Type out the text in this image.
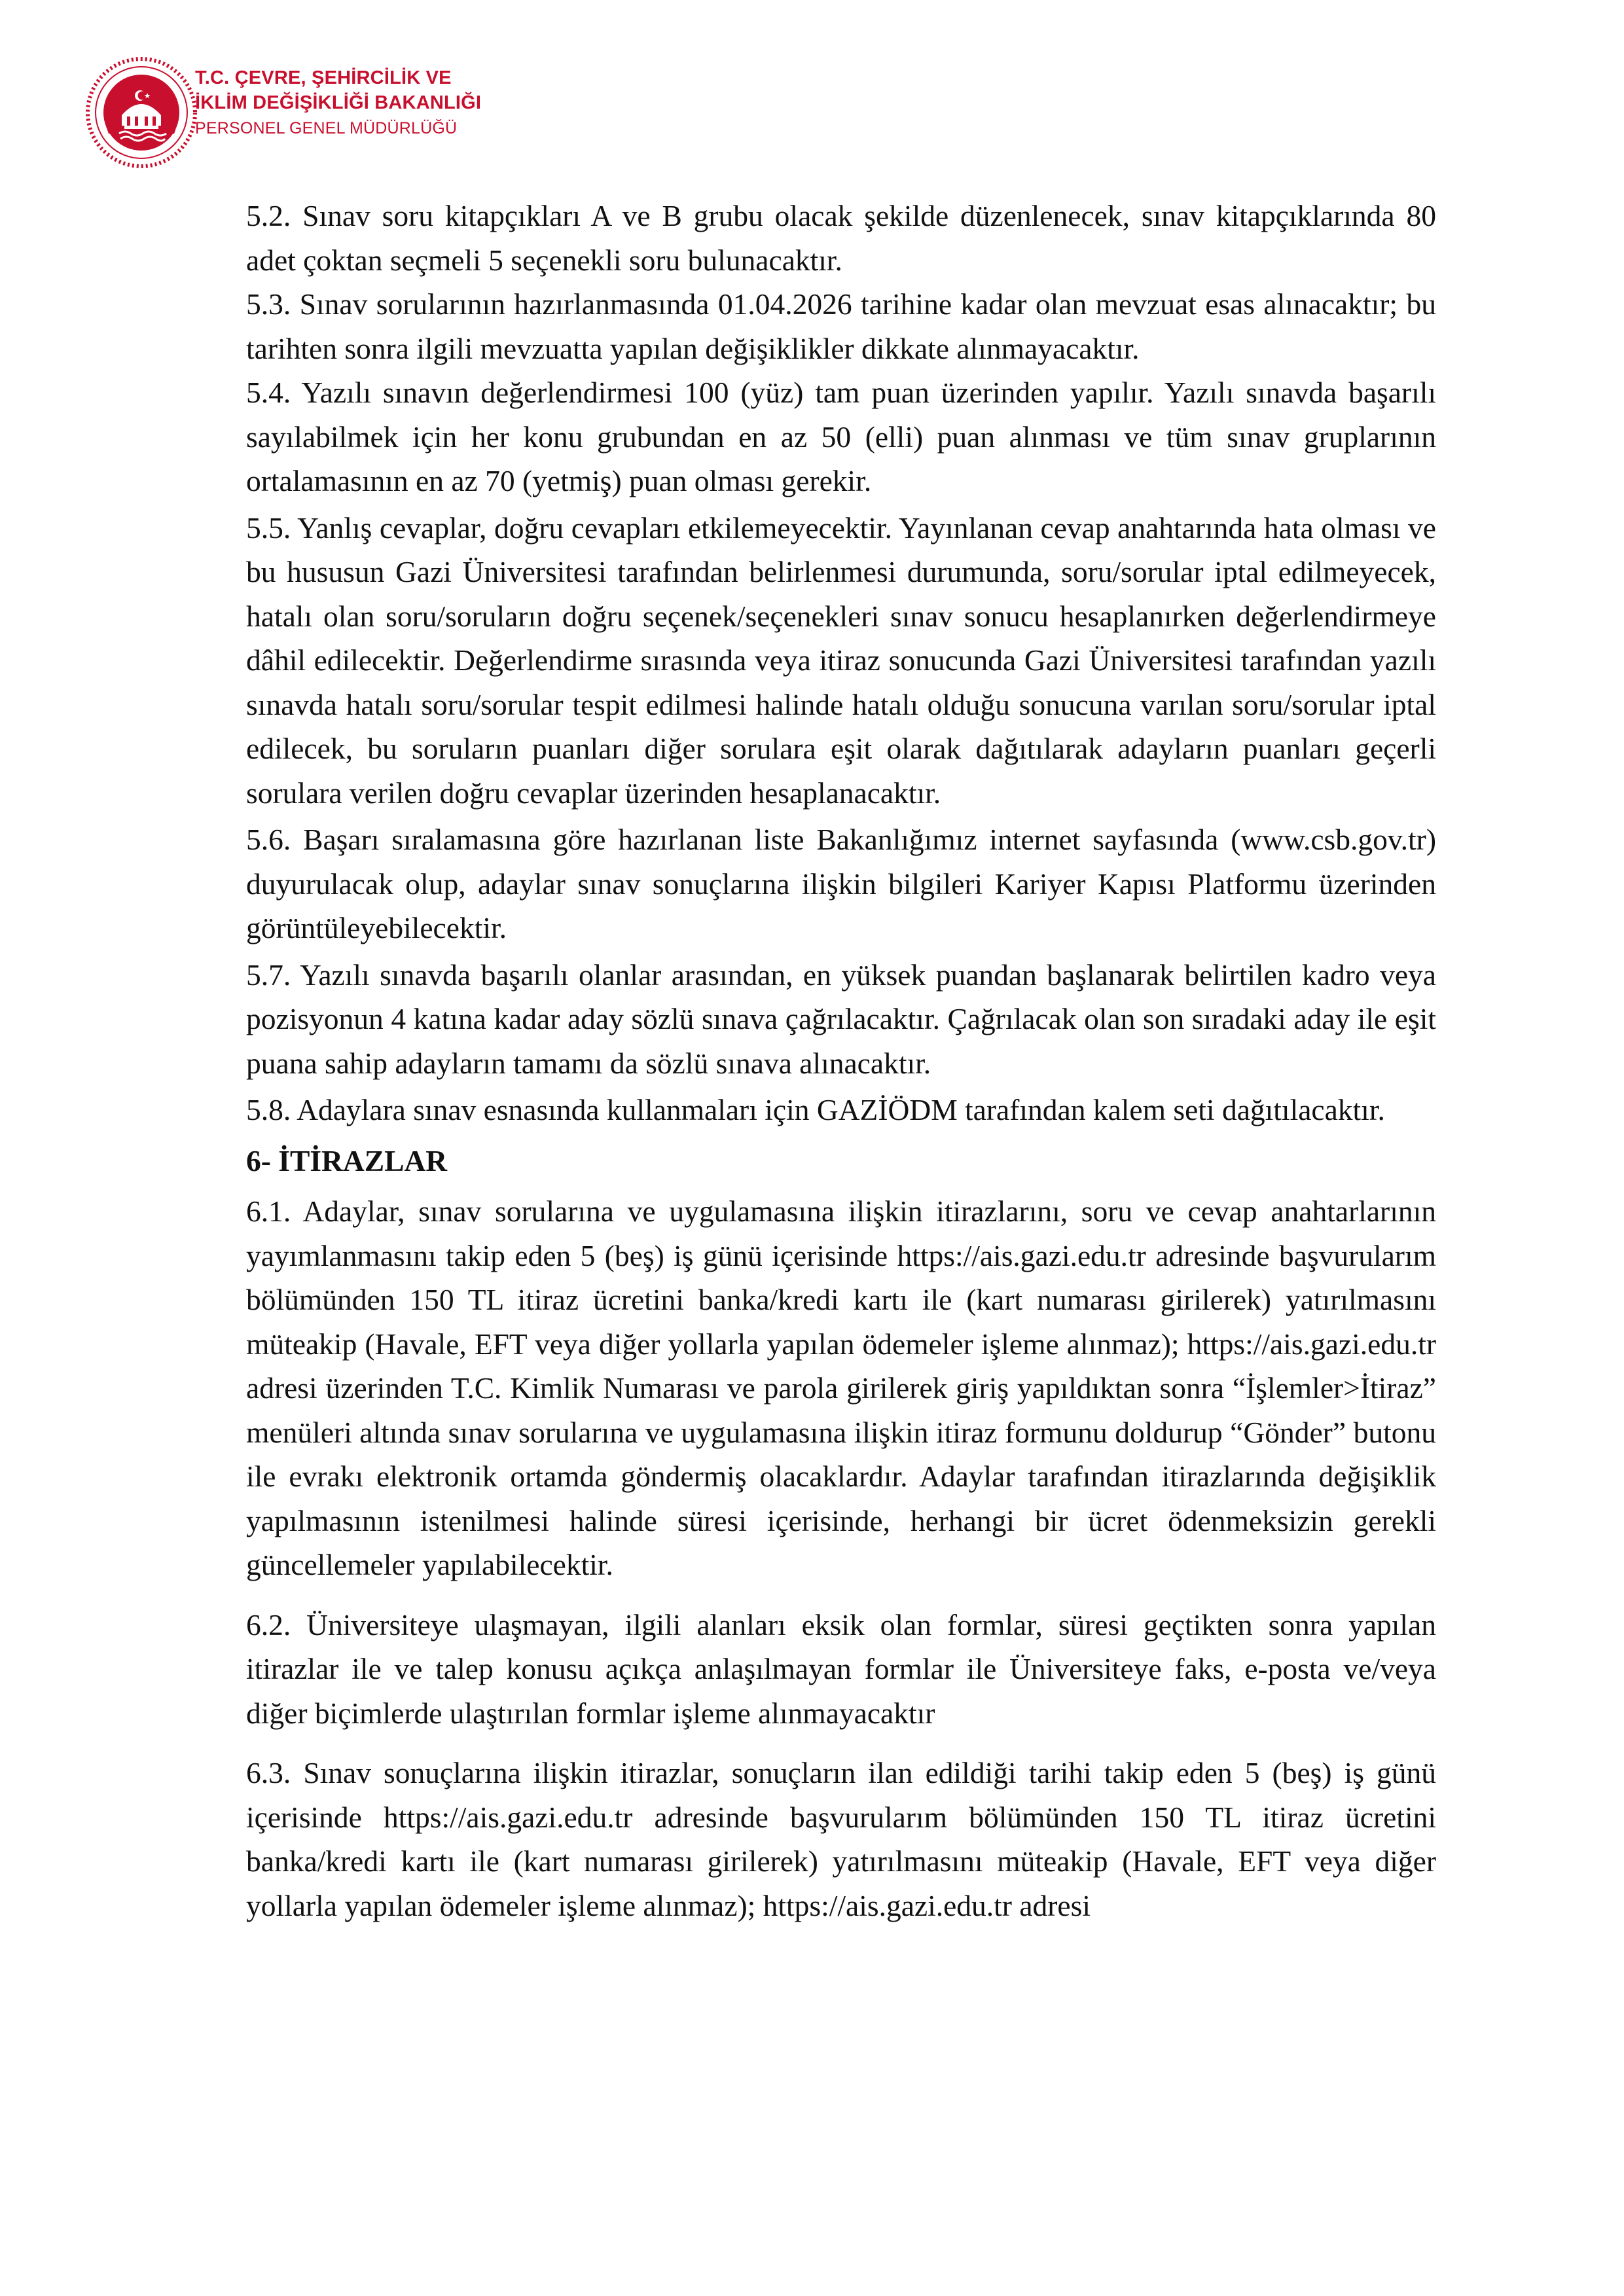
T.C. ÇEVRE, ŞEHİRCİLİK VE
İKLİM DEĞİŞİKLİĞİ BAKANLIĞI
PERSONEL GENEL MÜDÜRLÜĞÜ

5.2. Sınav soru kitapçıkları A ve B grubu olacak şekilde düzenlenecek, sınav kitapçıklarında 80 adet çoktan seçmeli 5 seçenekli soru bulunacaktır.

5.3. Sınav sorularının hazırlanmasında 01.04.2026 tarihine kadar olan mevzuat esas alınacaktır; bu tarihten sonra ilgili mevzuatta yapılan değişiklikler dikkate alınmayacaktır.

5.4. Yazılı sınavın değerlendirmesi 100 (yüz) tam puan üzerinden yapılır. Yazılı sınavda başarılı sayılabilmek için her konu grubundan en az 50 (elli) puan alınması ve tüm sınav gruplarının ortalamasının en az 70 (yetmiş) puan olması gerekir.

5.5. Yanlış cevaplar, doğru cevapları etkilemeyecektir. Yayınlanan cevap anahtarında hata olması ve bu hususun Gazi Üniversitesi tarafından belirlenmesi durumunda, soru/sorular iptal edilmeyecek, hatalı olan soru/soruların doğru seçenek/seçenekleri sınav sonucu hesaplanırken değerlendirmeye dâhil edilecektir. Değerlendirme sırasında veya itiraz sonucunda Gazi Üniversitesi tarafından yazılı sınavda hatalı soru/sorular tespit edilmesi halinde hatalı olduğu sonucuna varılan soru/sorular iptal edilecek, bu soruların puanları diğer sorulara eşit olarak dağıtılarak adayların puanları geçerli sorulara verilen doğru cevaplar üzerinden hesaplanacaktır.

5.6. Başarı sıralamasına göre hazırlanan liste Bakanlığımız internet sayfasında (www.csb.gov.tr) duyurulacak olup, adaylar sınav sonuçlarına ilişkin bilgileri Kariyer Kapısı Platformu üzerinden görüntüleyebilecektir.

5.7. Yazılı sınavda başarılı olanlar arasından, en yüksek puandan başlanarak belirtilen kadro veya pozisyonun 4 katına kadar aday sözlü sınava çağrılacaktır. Çağrılacak olan son sıradaki aday ile eşit puana sahip adayların tamamı da sözlü sınava alınacaktır.

5.8. Adaylara sınav esnasında kullanmaları için GAZİÖDM tarafından kalem seti dağıtılacaktır.

6- İTİRAZLAR

6.1. Adaylar, sınav sorularına ve uygulamasına ilişkin itirazlarını, soru ve cevap anahtarlarının yayımlanmasını takip eden 5 (beş) iş günü içerisinde https://ais.gazi.edu.tr adresinde başvurularım bölümünden 150 TL itiraz ücretini banka/kredi kartı ile (kart numarası girilerek) yatırılmasını müteakip (Havale, EFT veya diğer yollarla yapılan ödemeler işleme alınmaz); https://ais.gazi.edu.tr adresi üzerinden T.C. Kimlik Numarası ve parola girilerek giriş yapıldıktan sonra “İşlemler>İtiraz” menüleri altında sınav sorularına ve uygulamasına ilişkin itiraz formunu doldurup “Gönder” butonu ile evrakı elektronik ortamda göndermiş olacaklardır. Adaylar tarafından itirazlarında değişiklik yapılmasının istenilmesi halinde süresi içerisinde, herhangi bir ücret ödenmeksizin gerekli güncellemeler yapılabilecektir.

6.2. Üniversiteye ulaşmayan, ilgili alanları eksik olan formlar, süresi geçtikten sonra yapılan itirazlar ile ve talep konusu açıkça anlaşılmayan formlar ile Üniversiteye faks, e-posta ve/veya diğer biçimlerde ulaştırılan formlar işleme alınmayacaktır

6.3. Sınav sonuçlarına ilişkin itirazlar, sonuçların ilan edildiği tarihi takip eden 5 (beş) iş günü içerisinde https://ais.gazi.edu.tr adresinde başvurularım bölümünden 150 TL itiraz ücretini banka/kredi kartı ile (kart numarası girilerek) yatırılmasını müteakip (Havale, EFT veya diğer yollarla yapılan ödemeler işleme alınmaz); https://ais.gazi.edu.tr adresi
